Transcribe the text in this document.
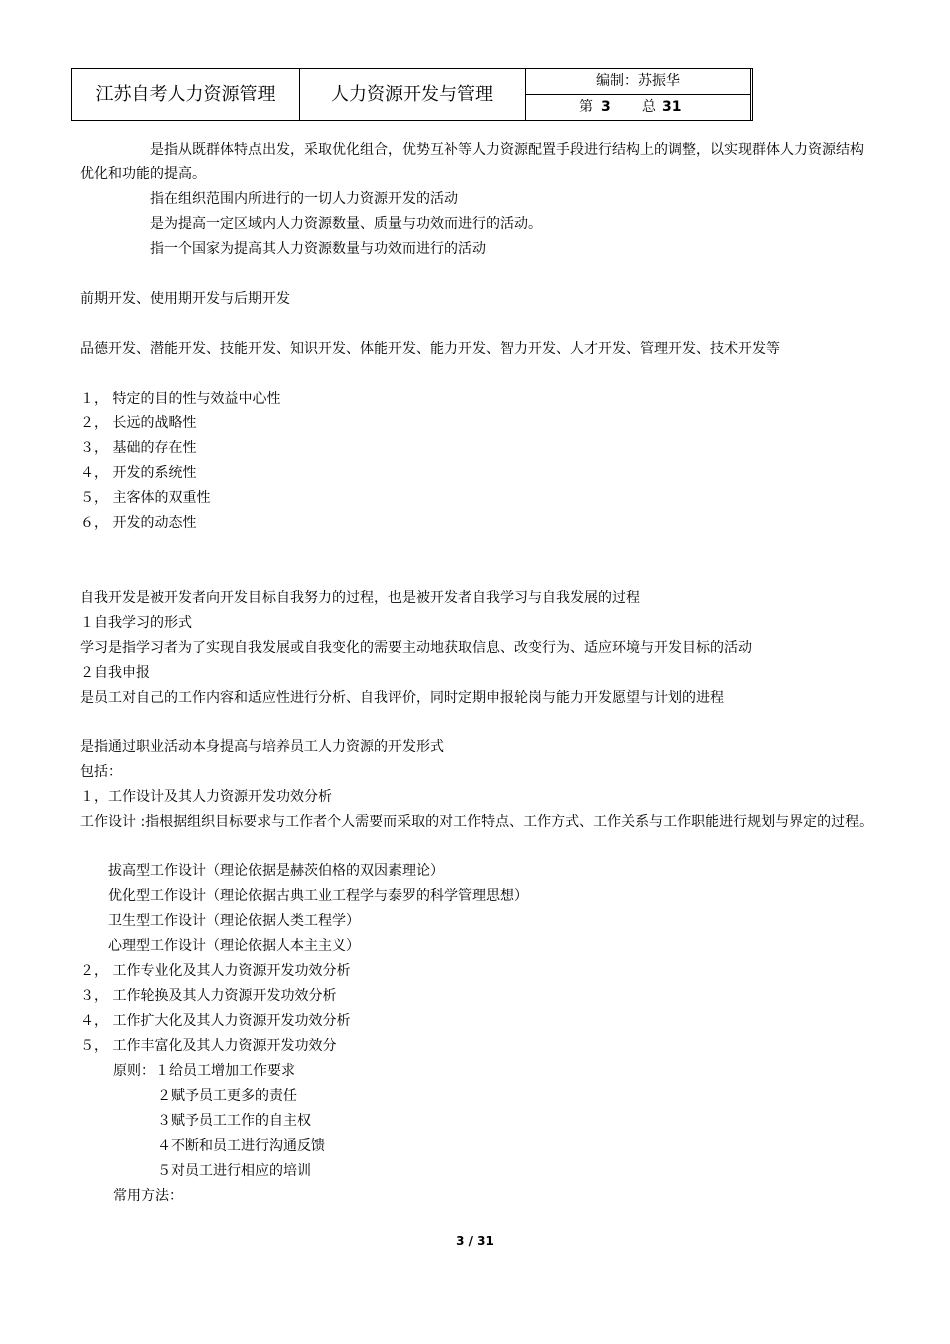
江苏自考人力资源管理	人力资源开发与管理
编制：苏振华
第 3 总 31
是指从既群体特点出发，采取优化组合，优势互补等人力资源配置手段进行结构上的调整，以实现群体人力资源结构
优化和功能的提高。
指在组织范围内所进行的一切人力资源开发的活动
是为提高一定区域内人力资源数量、质量与功效而进行的活动。
指一个国家为提高其人力资源数量与功效而进行的活动
前期开发、使用期开发与后期开发
品德开发、潜能开发、技能开发、知识开发、体能开发、能力开发、智力开发、人才开发、管理开发、技术开发等
１， 特定的目的性与效益中心性
２， 长远的战略性
３， 基础的存在性
４， 开发的系统性
５， 主客体的双重性
６， 开发的动态性
自我开发是被开发者向开发目标自我努力的过程，也是被开发者自我学习与自我发展的过程
１自我学习的形式
学习是指学习者为了实现自我发展或自我变化的需要主动地获取信息、改变行为、适应环境与开发目标的活动
２自我申报
是员工对自己的工作内容和适应性进行分析、自我评价，同时定期申报轮岗与能力开发愿望与计划的进程
是指通过职业活动本身提高与培养员工人力资源的开发形式
包括：
１，工作设计及其人力资源开发功效分析
工作设计 :指根据组织目标要求与工作者个人需要而采取的对工作特点、工作方式、工作关系与工作职能进行规划与界定的过程。
拔高型工作设计（理论依据是赫茨伯格的双因素理论）
优化型工作设计（理论依据古典工业工程学与泰罗的科学管理思想）
卫生型工作设计（理论依据人类工程学）
心理型工作设计（理论依据人本主主义）
２， 工作专业化及其人力资源开发功效分析
３， 工作轮换及其人力资源开发功效分析
４， 工作扩大化及其人力资源开发功效分析
５， 工作丰富化及其人力资源开发功效分
原则：１给员工增加工作要求
２赋予员工更多的责任
３赋予员工工作的自主权
４不断和员工进行沟通反馈
５对员工进行相应的培训
常用方法：
3 / 31
